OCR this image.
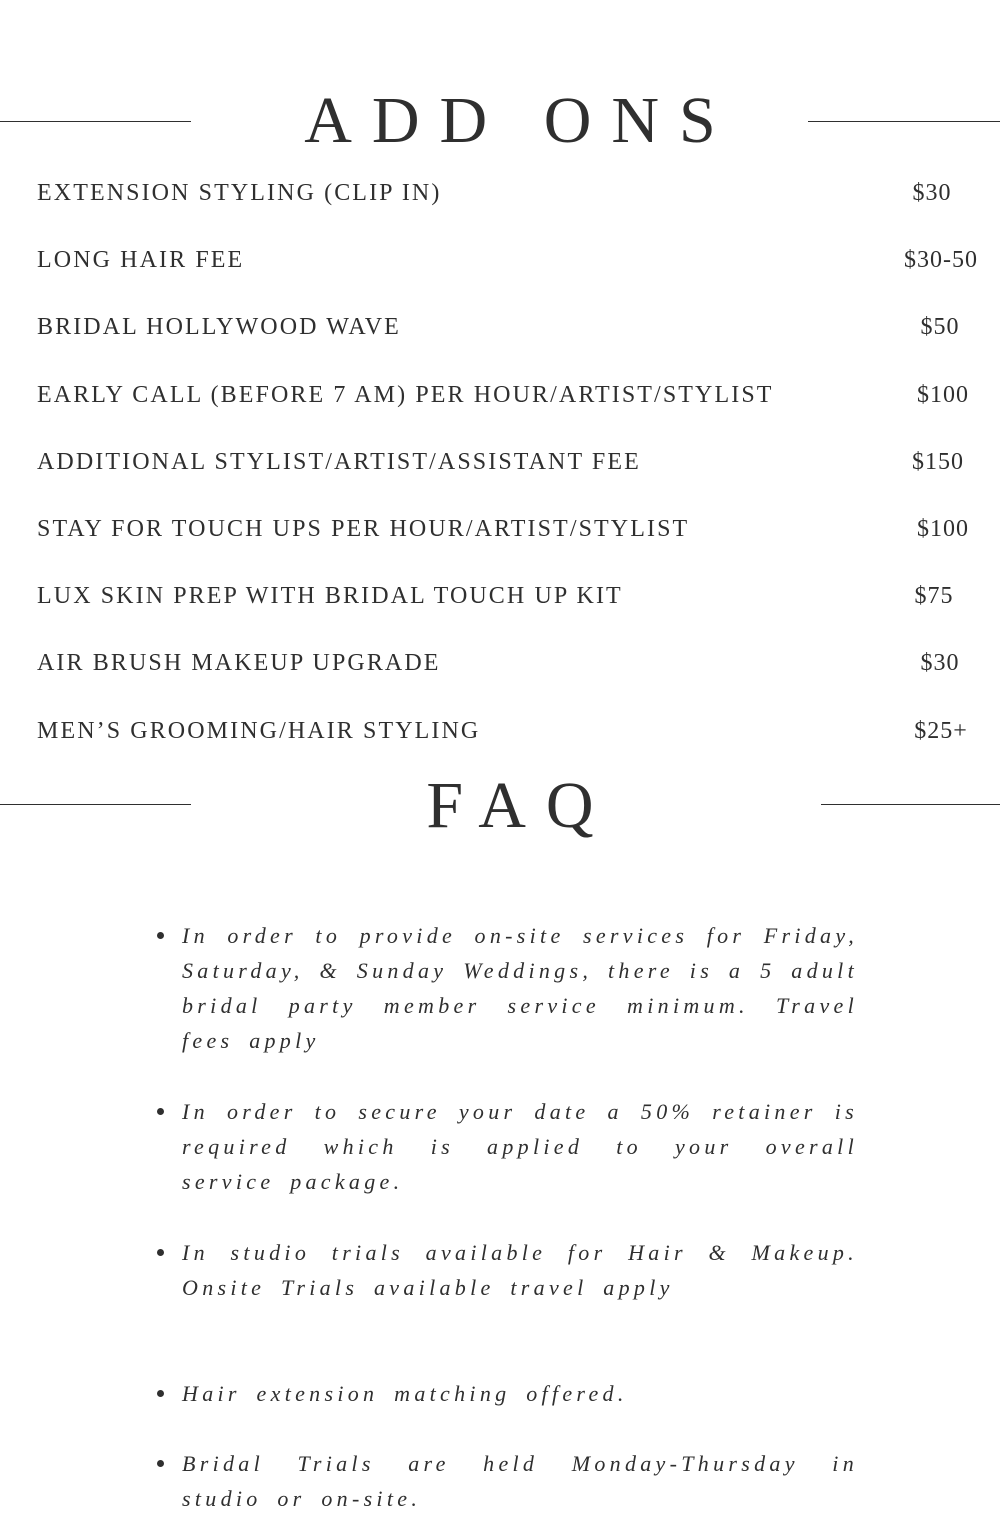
ADD ONS
EXTENSION STYLING (CLIP IN)	$30
LONG HAIR FEE	$30-50
BRIDAL HOLLYWOOD WAVE	$50
EARLY CALL (BEFORE 7 AM) PER HOUR/ARTIST/STYLIST	$100
ADDITIONAL STYLIST/ARTIST/ASSISTANT FEE	$150
STAY FOR TOUCH UPS PER HOUR/ARTIST/STYLIST	$100
LUX SKIN PREP WITH BRIDAL TOUCH UP KIT	$75
AIR BRUSH MAKEUP UPGRADE	$30
MEN’S GROOMING/HAIR STYLING	$25+
FAQ

In order to provide on-site services for Friday, Saturday, & Sunday Weddings, there is a 5 adult bridal party member service minimum. Travel fees apply

In order to secure your date a 50% retainer is required which is applied to your overall service package.

In studio trials available for Hair & Makeup. Onsite Trials available travel apply

Hair extension matching offered.

Bridal Trials are held Monday-Thursday in studio or on-site.
